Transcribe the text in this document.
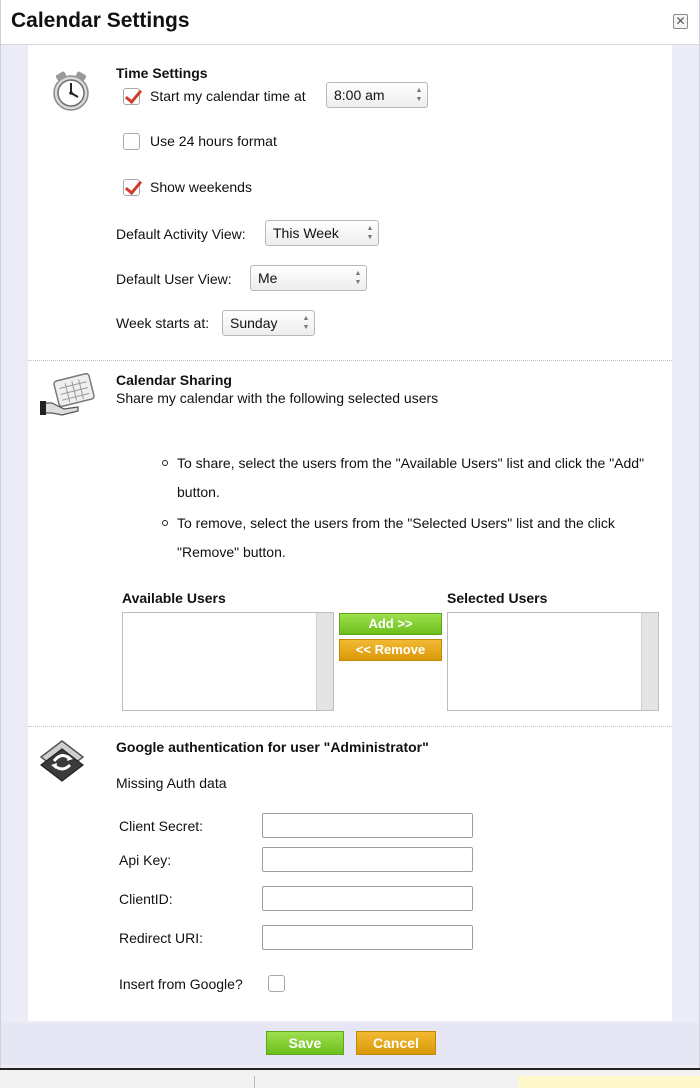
Calendar Settings	✕
Time Settings
Start my calendar time at	8:00 am	▲
▼
Use 24 hours format
Show weekends
Default Activity View:	This Week	▲
▼
Default User View:	Me	▲
▼
Week starts at:	Sunday	▲
▼
Calendar Sharing
Share my calendar with the following selected users
To share, select the users from the "Available Users" list and click the "Add" button.
To remove, select the users from the "Selected Users" list and the click "Remove" button.
Available Users	Selected Users
Add >>
<< Remove
Google authentication for user "Administrator"
Missing Auth data
Client Secret:
Api Key:
ClientID:
Redirect URI:
Insert from Google?
Save	Cancel
